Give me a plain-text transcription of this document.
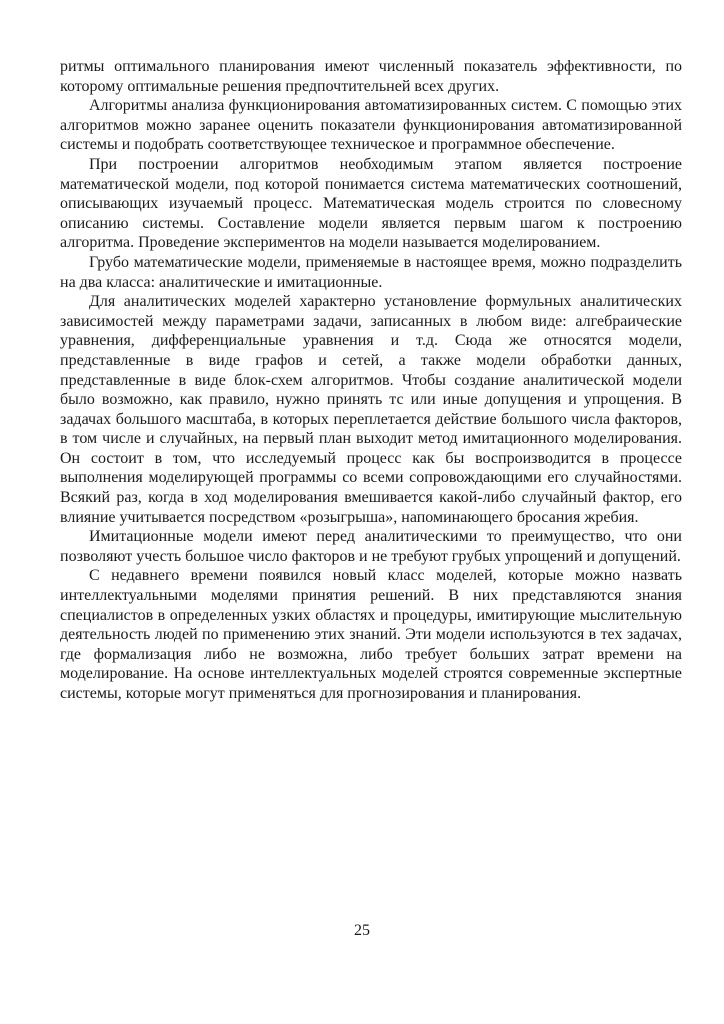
ритмы оптимального планирования имеют численный показатель эффективности, по которому оптимальные решения предпочтительней всех других.

Алгоритмы анализа функционирования автоматизированных систем. С помощью этих алгоритмов можно заранее оценить показатели функционирования автоматизированной системы и подобрать соответствующее техническое и программное обеспечение.

При построении алгоритмов необходимым этапом является построение математической модели, под которой понимается система математических соотношений, описывающих изучаемый процесс. Математическая модель строится по словесному описанию системы. Составление модели является первым шагом к построению алгоритма. Проведение экспериментов на модели называется моделированием.

Грубо математические модели, применяемые в настоящее время, можно подразделить на два класса: аналитические и имитационные.

Для аналитических моделей характерно установление формульных аналитических зависимостей между параметрами задачи, записанных в любом виде: алгебраические уравнения, дифференциальные уравнения и т.д. Сюда же относятся модели, представленные в виде графов и сетей, а также модели обработки данных, представленные в виде блок-схем алгоритмов. Чтобы создание аналитической модели было возможно, как правило, нужно принять тс или иные допущения и упрощения. В задачах большого масштаба, в которых переплетается действие большого числа факторов, в том числе и случайных, на первый план выходит метод имитационного моделирования. Он состоит в том, что исследуемый процесс как бы воспроизводится в процессе выполнения моделирующей программы со всеми сопровождающими его случайностями. Всякий раз, когда в ход моделирования вмешивается какой-либо случайный фактор, его влияние учитывается посредством «розыгрыша», напоминающего бросания жребия.

Имитационные модели имеют перед аналитическими то преимущество, что они позволяют учесть большое число факторов и не требуют грубых упрощений и допущений.

С недавнего времени появился новый класс моделей, которые можно назвать интеллектуальными моделями принятия решений. В них представляются знания специалистов в определенных узких областях и процедуры, имитирующие мыслительную деятельность людей по применению этих знаний. Эти модели используются в тех задачах, где формализация либо не возможна, либо требует больших затрат времени на моделирование. На основе интеллектуальных моделей строятся современные экспертные системы, которые могут применяться для прогнозирования и планирования.

25
